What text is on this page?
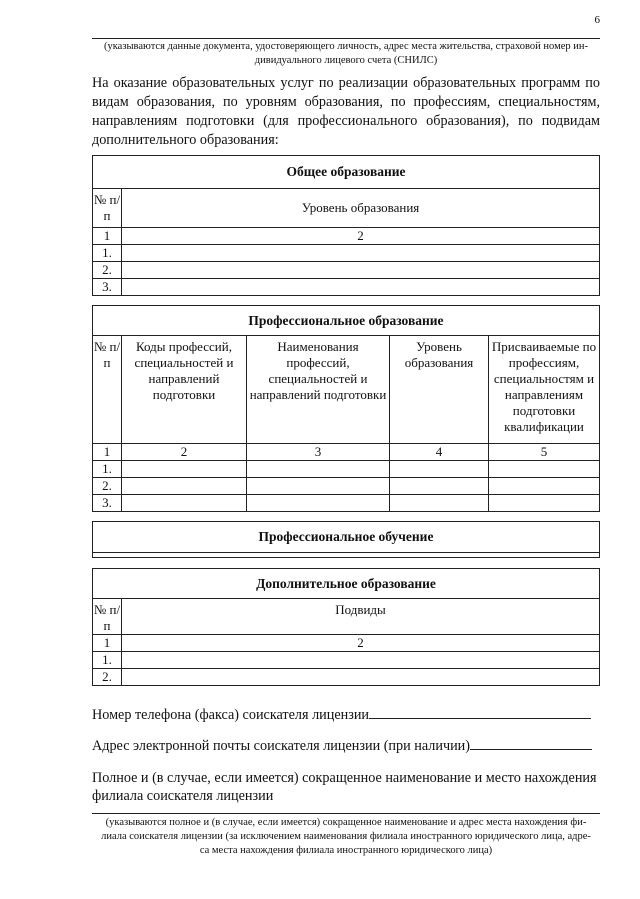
6
(указываются данные документа, удостоверяющего личность, адрес места жительства, страховой номер ин-
дивидуального лицевого счета (СНИЛС)
На оказание образовательных услуг по реализации образовательных программ по видам образования, по уровням образования, по профессиям, специальностям, направлениям подготовки (для профессионального образования), по подвидам дополнительного образования:
Общее образование	
№ п/п	Уровень образования
1	2
1.	
2.	
3.	
Профессиональное образование				
№ п/п	Коды профессий, специальностей и направлений подготовки	Наименования профессий, специальностей и направлений подготовки	Уровень образования	Присваиваемые по профессиям, специальностям и направлениям подготовки квалификации
1	2	3	4	5
1.				
2.				
3.				
Профессиональное обучение

Дополнительное образование	
№ п/п	Подвиды
1	2
1.	
2.	
Номер телефона (факса) соискателя лицензии
Адрес электронной почты соискателя лицензии (при наличии)
Полное и (в случае, если имеется) сокращенное наименование и место нахождения
филиала соискателя лицензии
(указываются полное и (в случае, если имеется) сокращенное наименование и адрес места нахождения фи-
лиала соискателя лицензии (за исключением наименования филиала иностранного юридического лица, адре-
са места нахождения филиала иностранного юридического лица)
